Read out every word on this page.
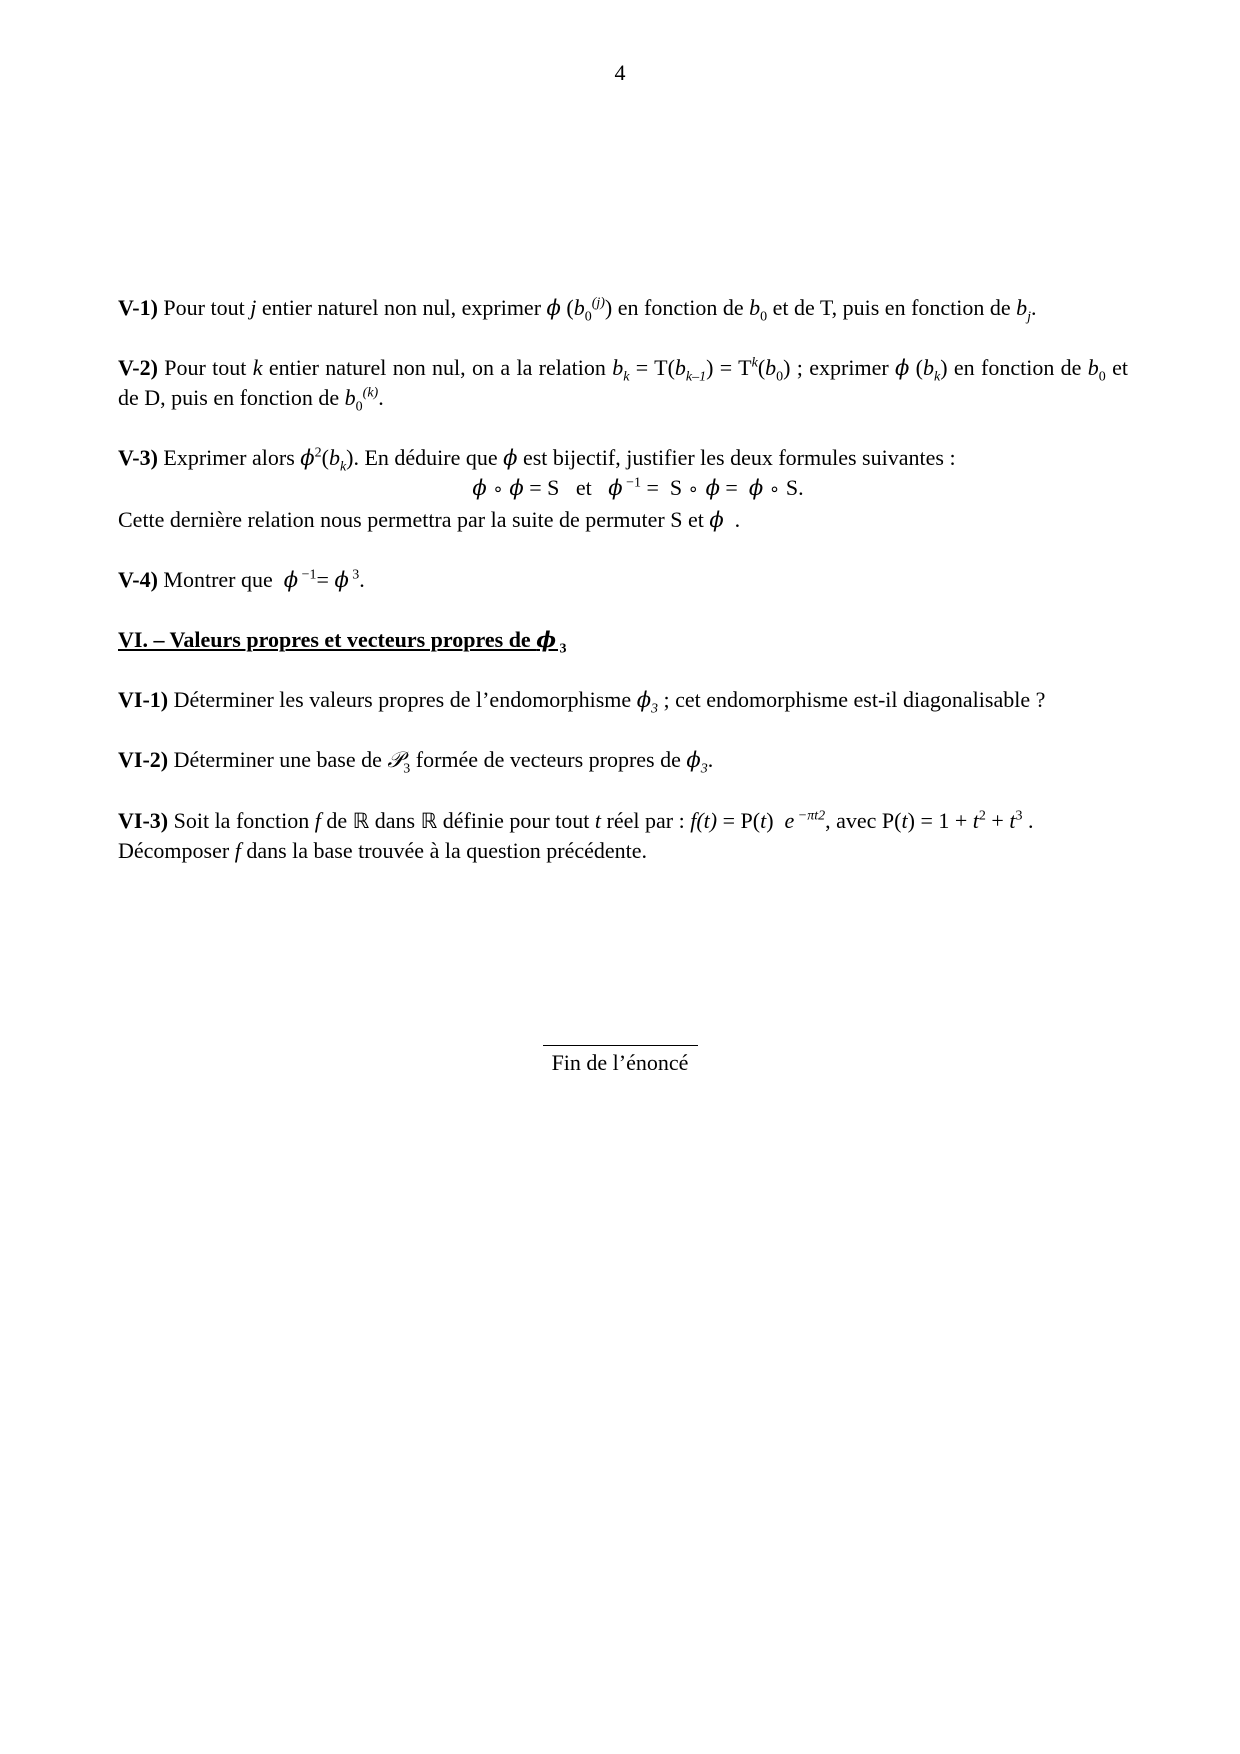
4

V-1) Pour tout j entier naturel non nul, exprimer ϕ $(b_0^{(j)})$ en fonction de $b_0$ et de T, puis en fonction de $b_j$.

V-2) Pour tout k entier naturel non nul, on a la relation $b_k = T(b_{k-1}) = T^k(b_0)$ ; exprimer ϕ $(b_k)$ en fonction de $b_0$ et de D, puis en fonction de $b_0^{(k)}$.

V-3) Exprimer alors $\phi^2(b_k)$. En déduire que ϕ est bijectif, justifier les deux formules suivantes :
ϕ ∘ ϕ = S   et   ϕ $^{-1}$ =  S ∘ ϕ =  ϕ ∘ S.
Cette dernière relation nous permettra par la suite de permuter S et ϕ  .

V-4) Montrer que  ϕ $^{-1}$= ϕ $^3$.

VI. – Valeurs propres et vecteurs propres de ϕ $_3$

VI-1) Déterminer les valeurs propres de l’endomorphisme $\phi_3$ ; cet endomorphisme est-il diagonalisable ?

VI-2) Déterminer une base de 𝒫$_3$ formée de vecteurs propres de $\phi_3$.

VI-3) Soit la fonction f de ℝ dans ℝ définie pour tout t réel par : f(t) = P(t)  e $^{-\pi t2}$, avec $P(t) = 1 + t^2 + t^3$ .
Décomposer f dans la base trouvée à la question précédente.

Fin de l’énoncé
